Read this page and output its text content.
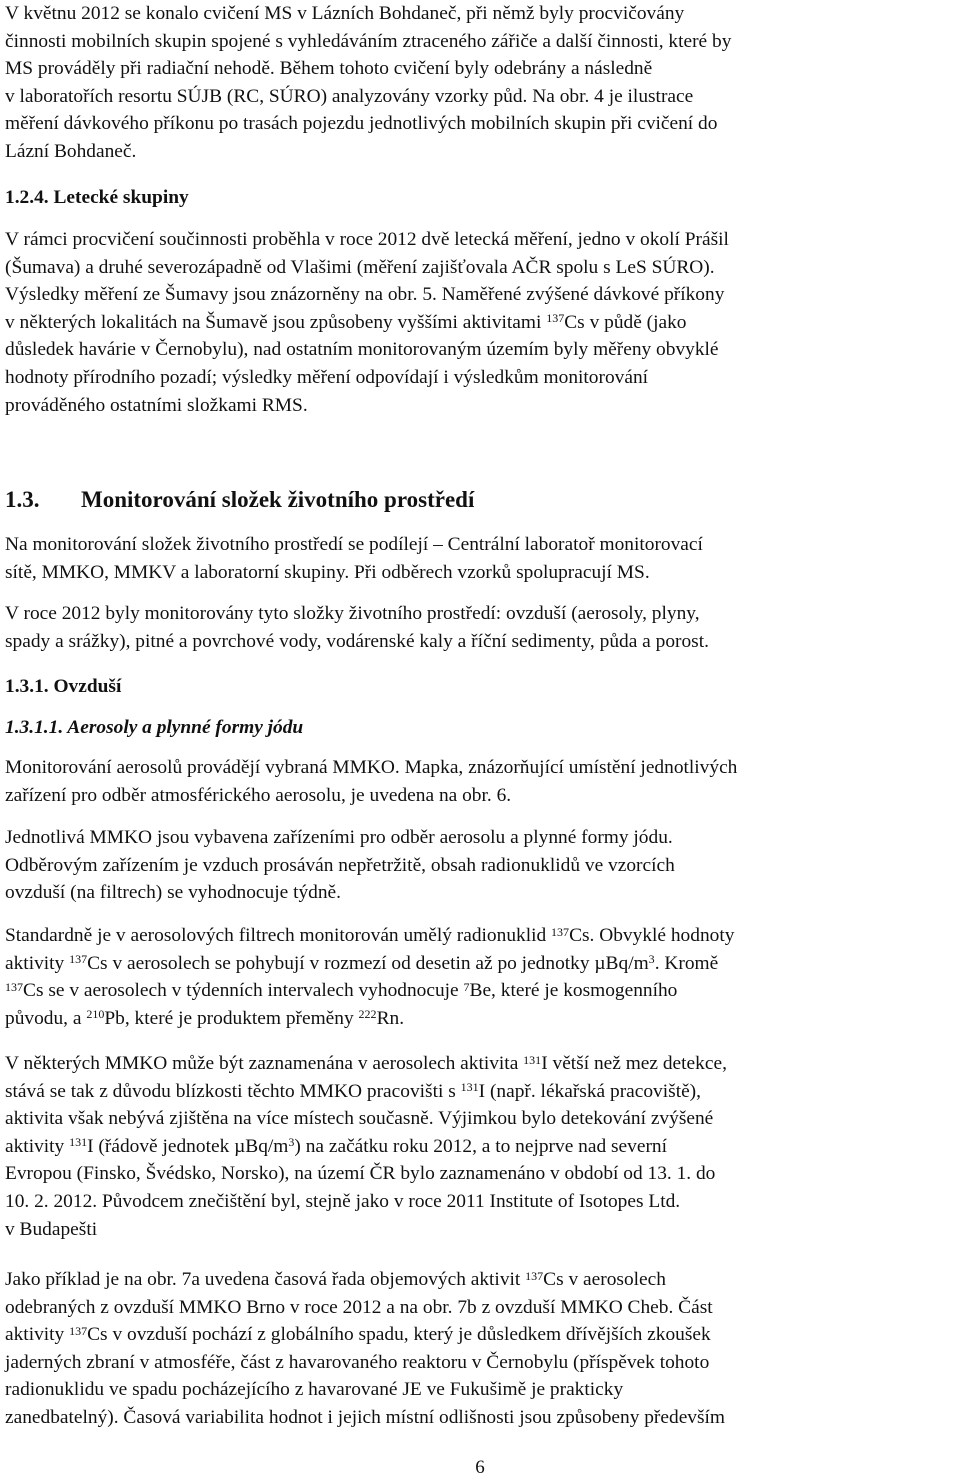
V květnu 2012 se konalo cvičení MS v Lázních Bohdaneč, při němž byly procvičovány
činnosti mobilních skupin spojené s vyhledáváním ztraceného zářiče a další činnosti, které by
MS prováděly při radiační nehodě. Během tohoto cvičení byly odebrány a následně
v laboratořích resortu SÚJB (RC, SÚRO) analyzovány vzorky půd. Na obr. 4 je ilustrace
měření dávkového příkonu po trasách pojezdu jednotlivých mobilních skupin při cvičení do
Lázní Bohdaneč.
1.2.4. Letecké skupiny
V rámci procvičení součinnosti proběhla v roce 2012 dvě letecká měření, jedno v okolí Prášil
(Šumava) a druhé severozápadně od Vlašimi (měření zajišťovala AČR spolu s LeS SÚRO).
Výsledky měření ze Šumavy jsou znázorněny na obr. 5. Naměřené zvýšené dávkové příkony
v některých lokalitách na Šumavě jsou způsobeny vyššími aktivitami $^{137}$Cs v půdě (jako
důsledek havárie v Černobylu), nad ostatním monitorovaným územím byly měřeny obvyklé
hodnoty přírodního pozadí; výsledky měření odpovídají i výsledkům monitorování
prováděného ostatními složkami RMS.
1.3. Monitorování složek životního prostředí
Na monitorování složek životního prostředí se podílejí – Centrální laboratoř monitorovací
sítě, MMKO, MMKV a laboratorní skupiny. Při odběrech vzorků spolupracují MS.
V roce 2012 byly monitorovány tyto složky životního prostředí: ovzduší (aerosoly, plyny,
spady a srážky), pitné a povrchové vody, vodárenské kaly a říční sedimenty, půda a porost.
1.3.1. Ovzduší
1.3.1.1. Aerosoly a plynné formy jódu
Monitorování aerosolů provádějí vybraná MMKO. Mapka, znázorňující umístění jednotlivých
zařízení pro odběr atmosférického aerosolu, je uvedena na obr. 6.
Jednotlivá MMKO jsou vybavena zařízeními pro odběr aerosolu a plynné formy jódu.
Odběrovým zařízením je vzduch prosáván nepřetržitě, obsah radionuklidů ve vzorcích
ovzduší (na filtrech) se vyhodnocuje týdně.
Standardně je v aerosolových filtrech monitorován umělý radionuklid $^{137}$Cs. Obvyklé hodnoty
aktivity $^{137}$Cs v aerosolech se pohybují v rozmezí od desetin až po jednotky µBq/$m^3$. Kromě
$^{137}$Cs se v aerosolech v týdenních intervalech vyhodnocuje $^7$Be, které je kosmogenního
původu, a $^{210}$Pb, které je produktem přeměny $^{222}$Rn.
V některých MMKO může být zaznamenána v aerosolech aktivita $^{131}$I větší než mez detekce,
stává se tak z důvodu blízkosti těchto MMKO pracovišti s $^{131}$I (např. lékařská pracoviště),
aktivita však nebývá zjištěna na více místech současně. Výjimkou bylo detekování zvýšené
aktivity $^{131}$I (řádově jednotek µBq/$m^3$) na začátku roku 2012, a to nejprve nad severní
Evropou (Finsko, Švédsko, Norsko), na území ČR bylo zaznamenáno v období od 13. 1. do
10. 2. 2012. Původcem znečištění byl, stejně jako v roce 2011 Institute of Isotopes Ltd.
v Budapešti
Jako příklad je na obr. 7a uvedena časová řada objemových aktivit $^{137}$Cs v aerosolech
odebraných z ovzduší MMKO Brno v roce 2012 a na obr. 7b z ovzduší MMKO Cheb. Část
aktivity $^{137}$Cs v ovzduší pochází z globálního spadu, který je důsledkem dřívějších zkoušek
jaderných zbraní v atmosféře, část z havarovaného reaktoru v Černobylu (příspěvek tohoto
radionuklidu ve spadu pocházejícího z havarované JE ve Fukušimě je prakticky
zanedbatelný). Časová variabilita hodnot i jejich místní odlišnosti jsou způsobeny především
6
